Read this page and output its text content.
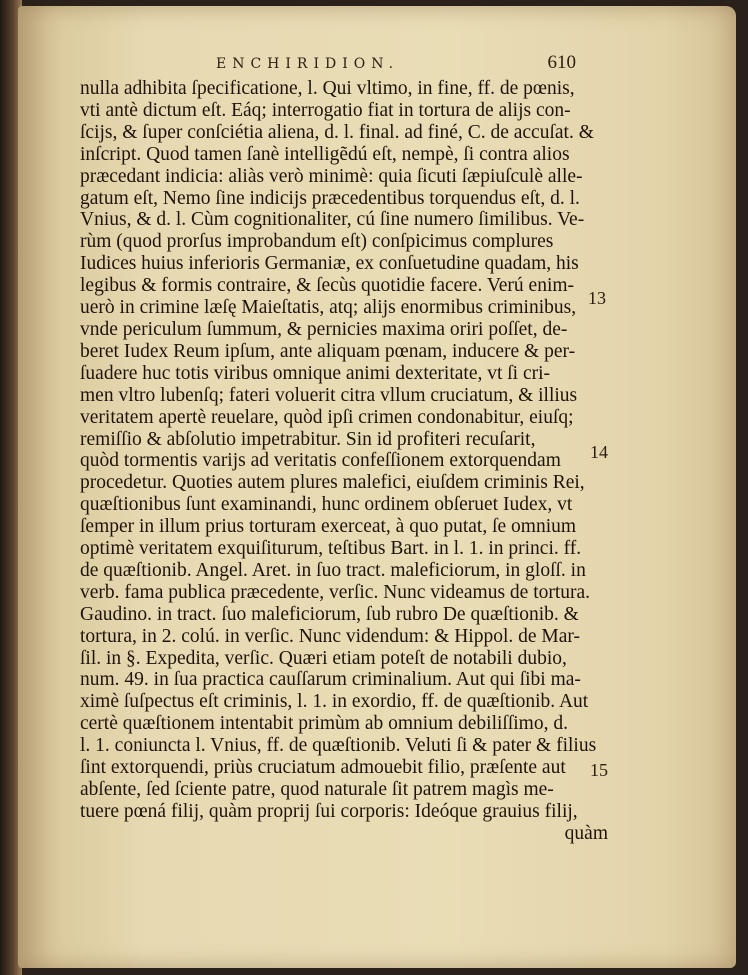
ENCHIRIDION.	610
nulla adhibita ſpecificatione, l. Qui vltimo, in fine, ff. de pœnis,
vti antè dictum eſt. Eáq; interrogatio fiat in tortura de alijs con-
ſcijs, & ſuper conſciétia aliena, d. l. final. ad finé, C. de accuſat. &
inſcript. Quod tamen ſanè intelligẽdú eſt, nempè, ſi contra alios
præcedant indicia: aliàs verò minimè: quia ſicuti ſæpiuſculè alle-
gatum eſt, Nemo ſine indicijs præcedentibus torquendus eſt, d. l.
Vnius, & d. l. Cùm cognitionaliter, cú ſine numero ſimilibus. Ve-
rùm (quod prorſus improbandum eſt) conſpicimus complures
Iudices huius inferioris Germaniæ, ex conſuetudine quadam, his
legibus & formis contraire, & ſecùs quotidie facere. Verú enim-
uerò in crimine læſę Maieſtatis, atq; alijs enormibus criminibus,
vnde periculum ſummum, & pernicies maxima oriri poſſet, de-
beret Iudex Reum ipſum, ante aliquam pœnam, inducere & per-
ſuadere huc totis viribus omnique animi dexteritate, vt ſi cri-
men vltro lubenſq; fateri voluerit citra vllum cruciatum, & illius
veritatem apertè reuelare, quòd ipſi crimen condonabitur, eiuſq;
remiſſio & abſolutio impetrabitur. Sin id profiteri recuſarit,
quòd tormentis varijs ad veritatis confeſſionem extorquendam
procedetur. Quoties autem plures malefici, eiuſdem criminis Rei,
quæſtionibus ſunt examinandi, hunc ordinem obſeruet Iudex, vt
ſemper in illum prius torturam exerceat, à quo putat, ſe omnium
optimè veritatem exquiſiturum, teſtibus Bart. in l. 1. in princi. ff.
de quæſtionib. Angel. Aret. in ſuo tract. maleficiorum, in gloſſ. in
verb. fama publica præcedente, verſic. Nunc videamus de tortura.
Gaudino. in tract. ſuo maleficiorum, ſub rubro De quæſtionib. &
tortura, in 2. colú. in verſic. Nunc videndum: & Hippol. de Mar-
ſil. in §. Expedita, verſic. Quæri etiam poteſt de notabili dubio,
num. 49. in ſua practica cauſſarum criminalium. Aut qui ſibi ma-
ximè ſuſpectus eſt criminis, l. 1. in exordio, ff. de quæſtionib. Aut
certè quæſtionem intentabit primùm ab omnium debiliſſimo, d.
l. 1. coniuncta l. Vnius, ff. de quæſtionib. Veluti ſi & pater & filius
ſint extorquendi, priùs cruciatum admouebit filio, præſente aut
abſente, ſed ſciente patre, quod naturale ſit patrem magìs me-
tuere pœná filij, quàm proprij ſui corporis: Ideóque grauius filij,
quàm
13
14
15
